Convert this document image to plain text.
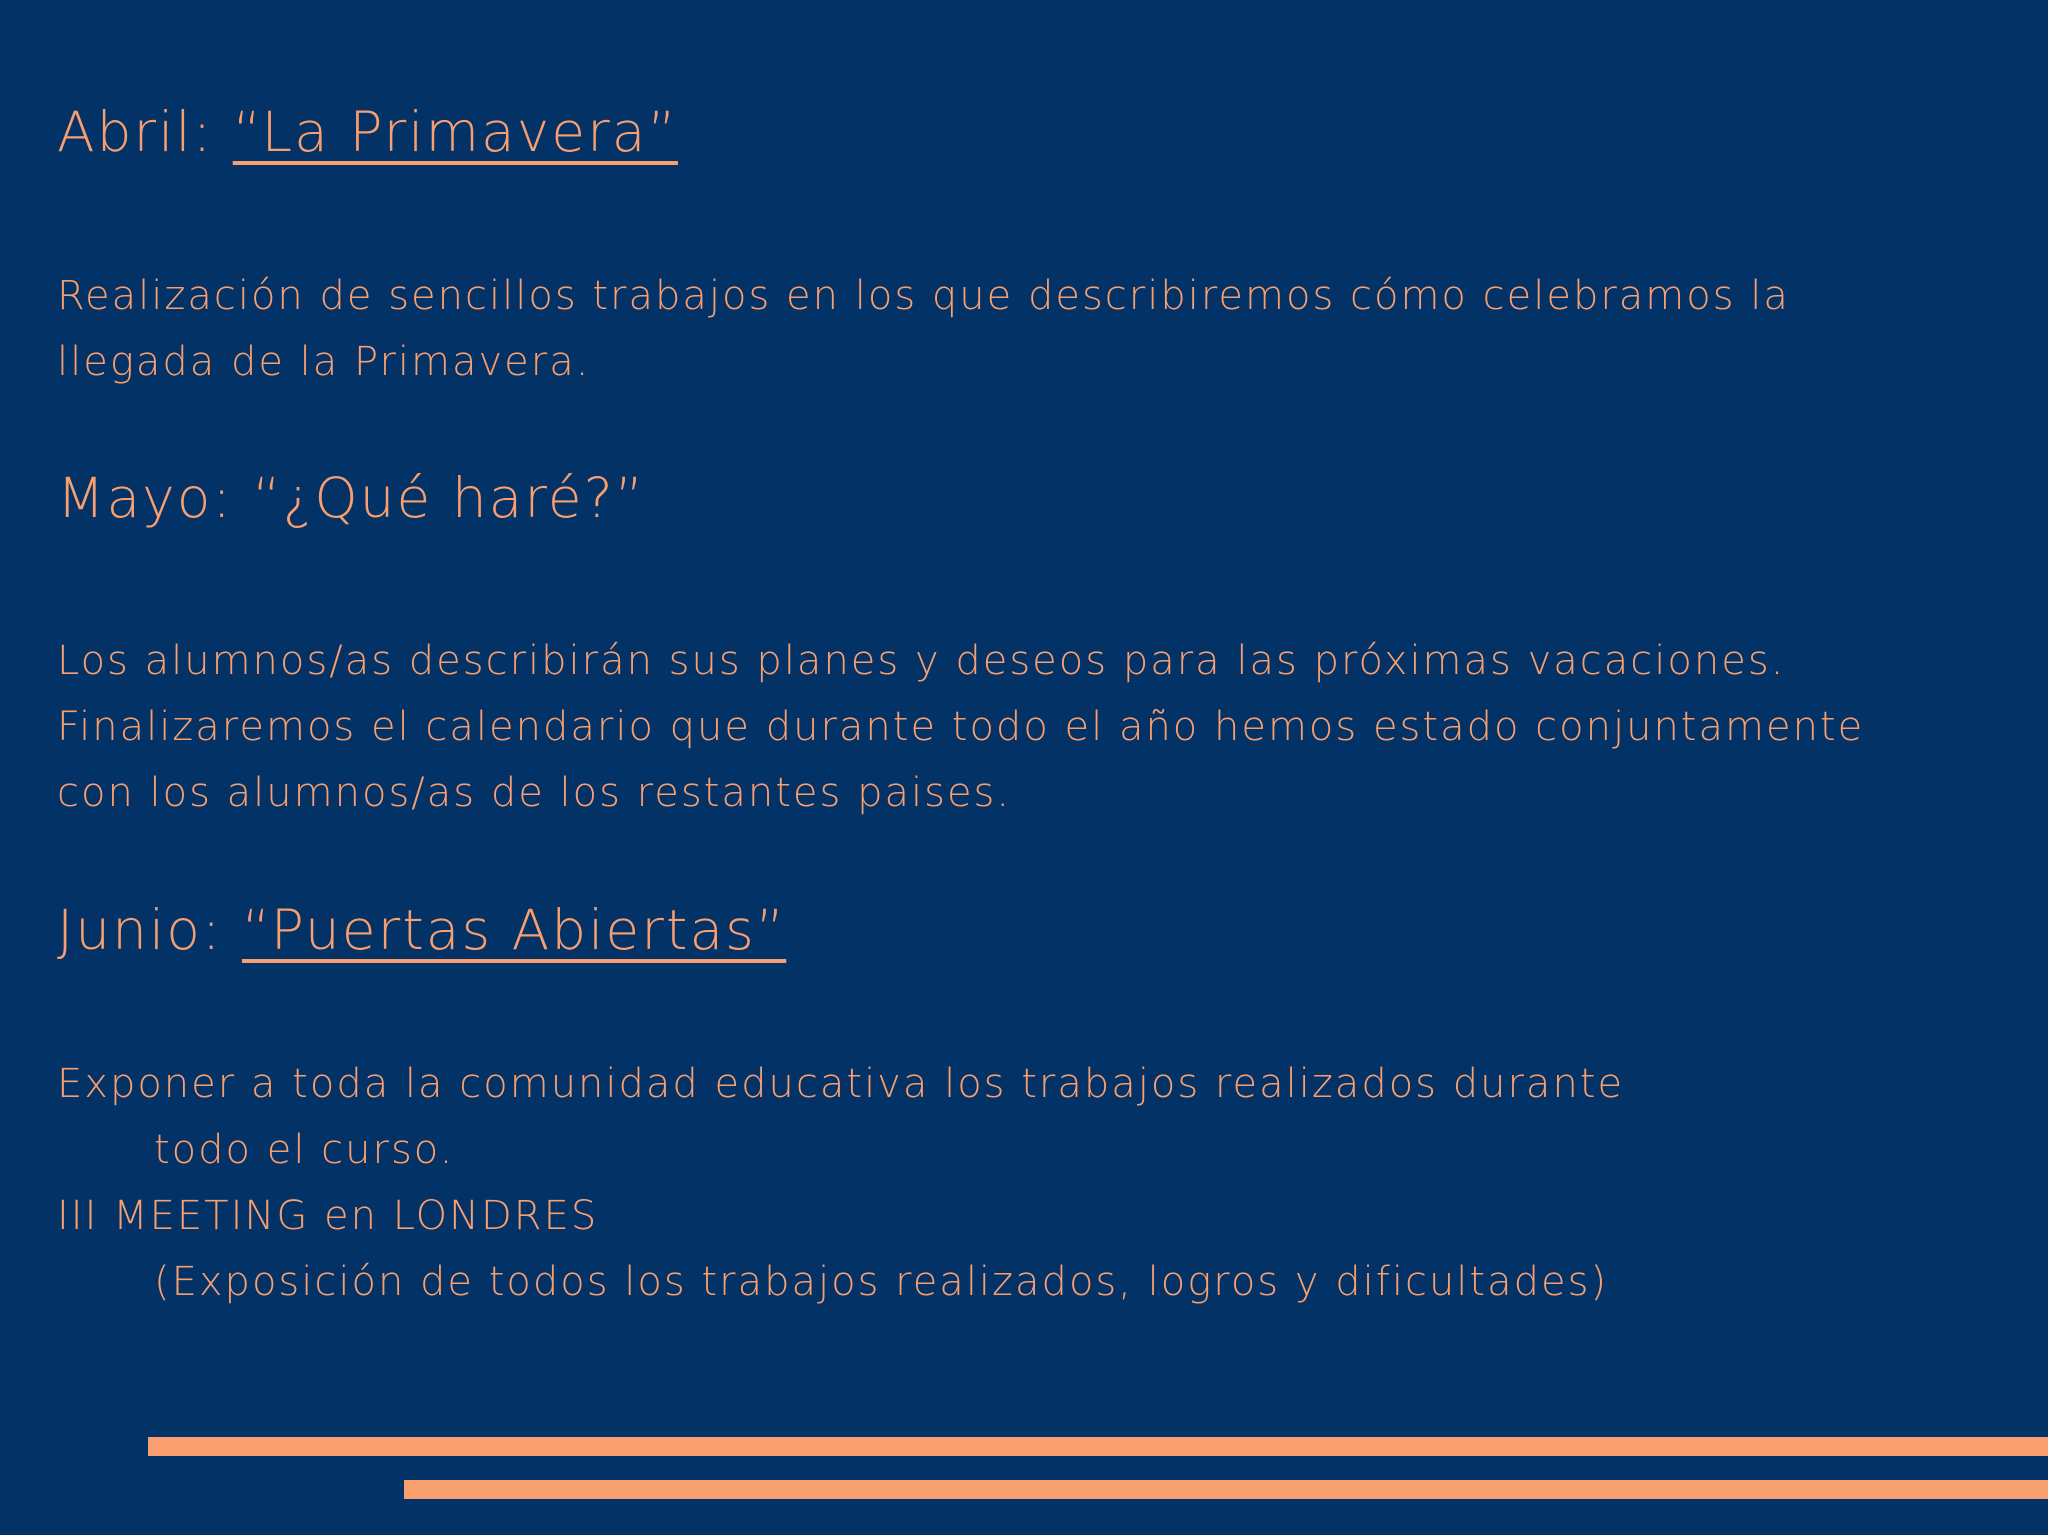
Abril: “La Primavera”

Realización de sencillos trabajos en los que describiremos cómo celebramos la
llegada de la Primavera.

Mayo: “¿Qué haré?”

Los alumnos/as describirán sus planes y deseos para las próximas vacaciones.
Finalizaremos el calendario que durante todo el año hemos estado conjuntamente
con los alumnos/as de los restantes paises.

Junio: “Puertas Abiertas”

Exponer a toda la comunidad educativa los trabajos realizados durante
todo el curso.
III MEETING en LONDRES
(Exposición de todos los trabajos realizados, logros y dificultades)
